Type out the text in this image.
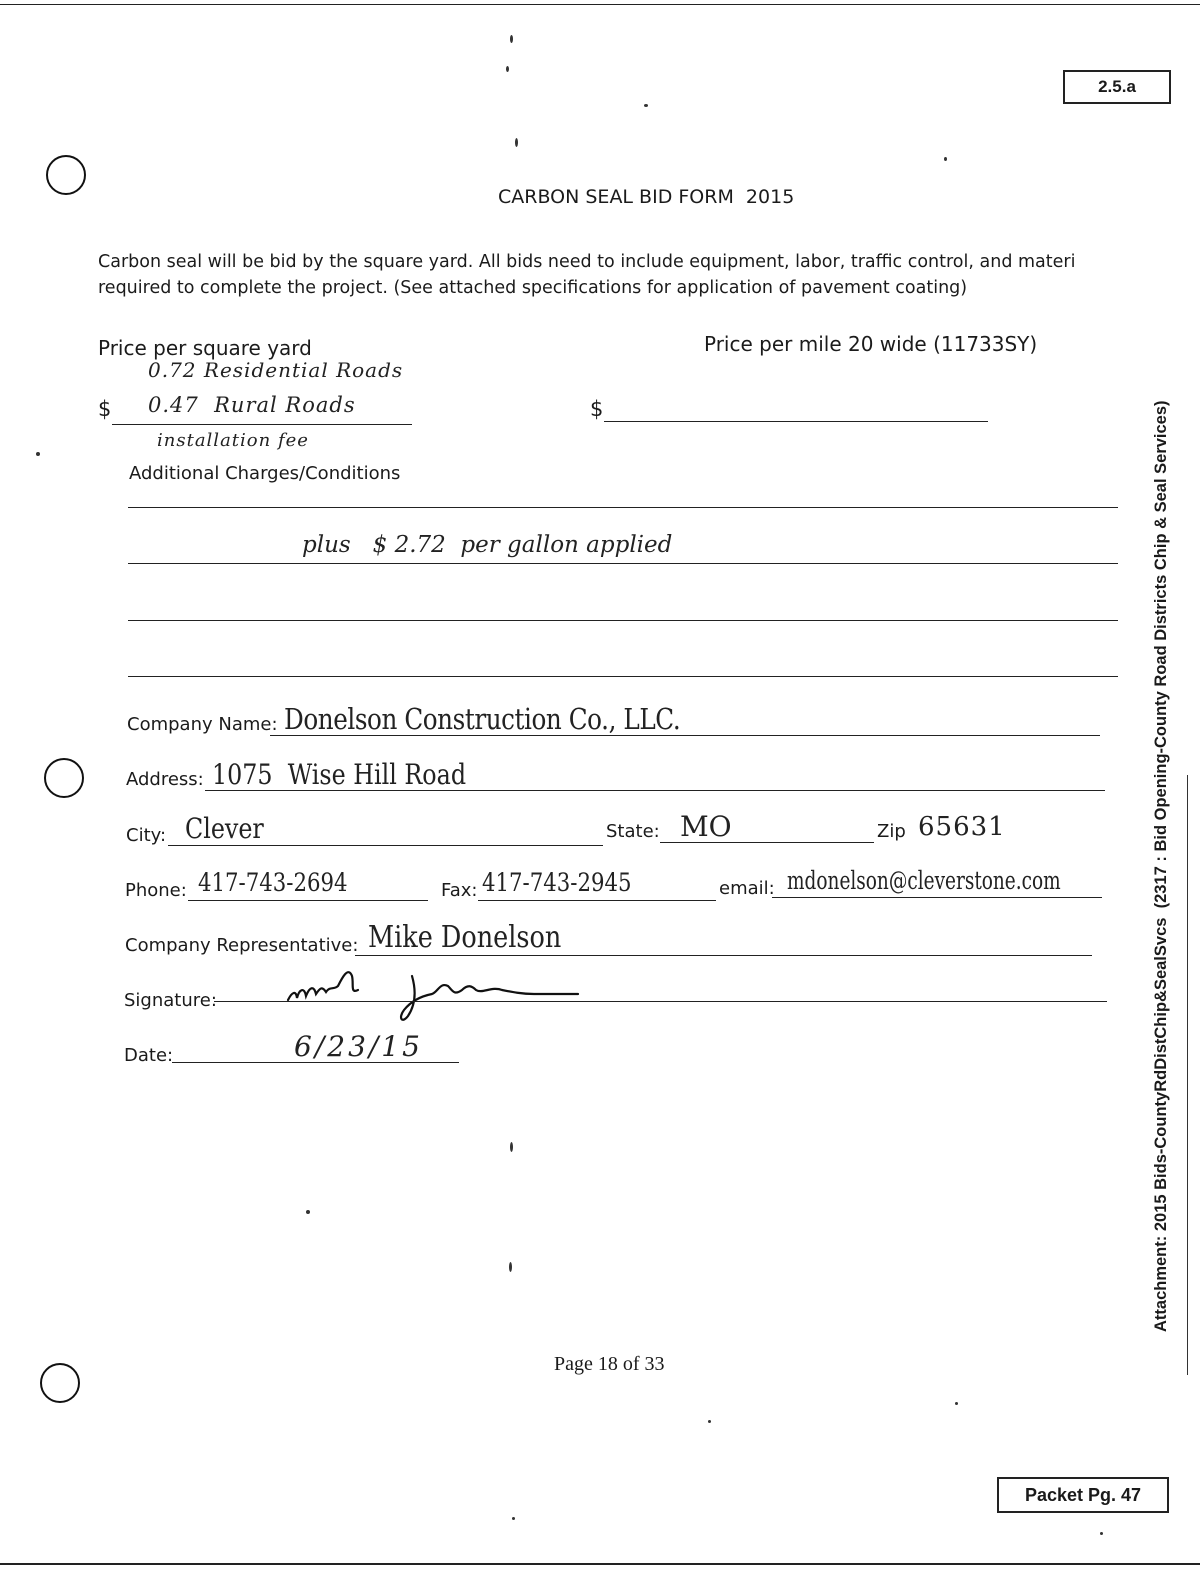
2.5.a
CARBON SEAL BID FORM  2015
Carbon seal will be bid by the square yard. All bids need to include equipment, labor, traffic control, and materi
required to complete the project. (See attached specifications for application of pavement coating)
Price per square yard	Price per mile 20 wide (11733SY)
0.72 Residential Roads
$ 0.47  Rural Roads	$
installation fee
Additional Charges/Conditions
plus   $ 2.72  per gallon applied
Company Name: Donelson Construction Co., LLC.
Address: 1075  Wise Hill Road
City: Clever	State: MO	Zip 65631
Phone: 417-743-2694	Fax: 417-743-2945	email: mdonelson@cleverstone.com
Company Representative: Mike Donelson
Signature:
Date:	6/23/15
Page 18 of 33
Packet Pg. 47
Attachment: 2015 Bids-CountyRdDistChip&SealSvcs  (2317 : Bid Opening-County Road Districts Chip & Seal Services)
